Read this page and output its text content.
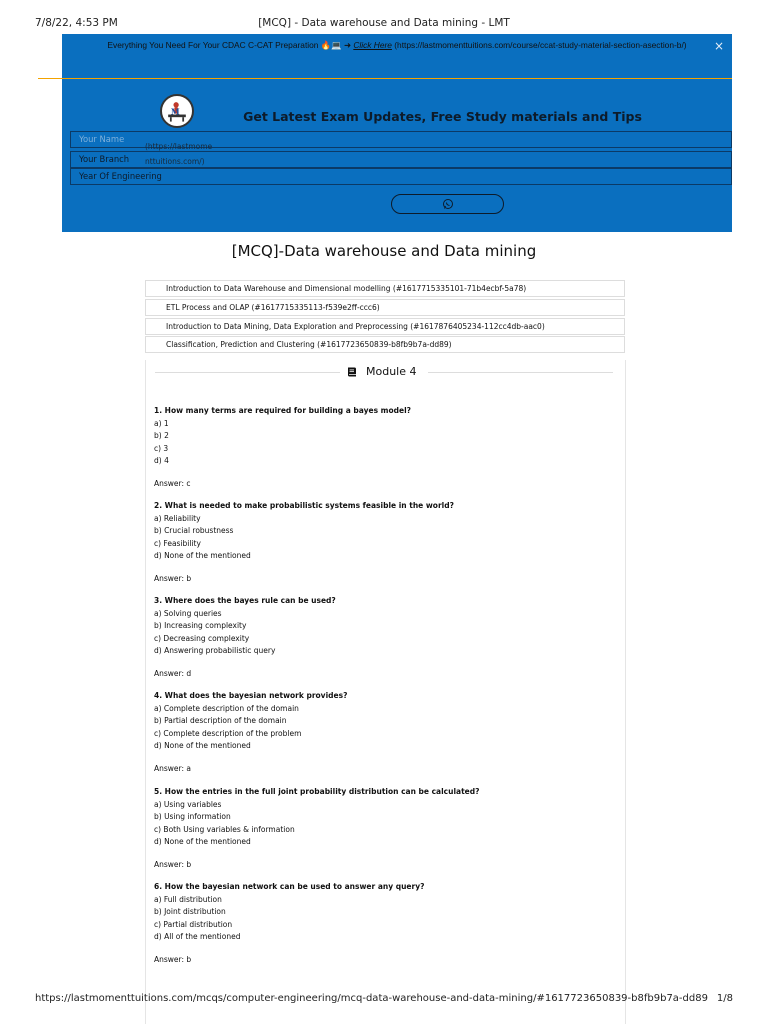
7/8/22, 4:53 PM	[MCQ] - Data warehouse and Data mining - LMT
Everything You Need For Your CDAC C-CAT Preparation 🔥💻 ➜ Click Here (https://lastmomenttuitions.com/course/ccat-study-material-section-asection-b/)	×
M	Get Latest Exam Updates, Free Study materials and Tips
Your Name
Your Branch
Year Of Engineering
(https://lastmome
nttuitions.com/)
[MCQ]-Data warehouse and Data mining
Introduction to Data Warehouse and Dimensional modelling (#1617715335101-71b4ecbf-5a78)
ETL Process and OLAP (#1617715335113-f539e2ff-ccc6)
Introduction to Data Mining, Data Exploration and Preprocessing (#1617876405234-112cc4db-aac0)
Classification, Prediction and Clustering (#1617723650839-b8fb9b7a-dd89)
Module 4
1. How many terms are required for building a bayes model?
a) 1
b) 2
c) 3
d) 4
Answer: c
2. What is needed to make probabilistic systems feasible in the world?
a) Reliability
b) Crucial robustness
c) Feasibility
d) None of the mentioned
Answer: b
3. Where does the bayes rule can be used?
a) Solving queries
b) Increasing complexity
c) Decreasing complexity
d) Answering probabilistic query
Answer: d
4. What does the bayesian network provides?
a) Complete description of the domain
b) Partial description of the domain
c) Complete description of the problem
d) None of the mentioned
Answer: a
5. How the entries in the full joint probability distribution can be calculated?
a) Using variables
b) Using information
c) Both Using variables & information
d) None of the mentioned
Answer: b
6. How the bayesian network can be used to answer any query?
a) Full distribution
b) Joint distribution
c) Partial distribution
d) All of the mentioned
Answer: b
https://lastmomenttuitions.com/mcqs/computer-engineering/mcq-data-warehouse-and-data-mining/#1617723650839-b8fb9b7a-dd89 1/8
